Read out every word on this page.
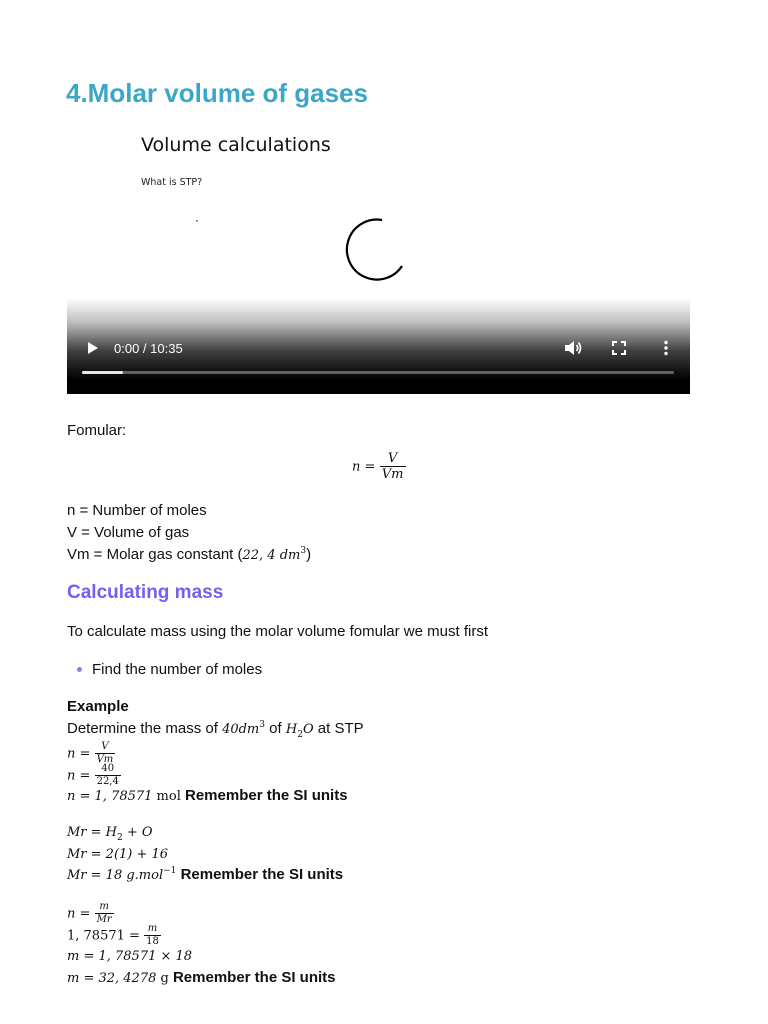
4.Molar volume of gases
Volume calculations
What is STP?
0:00 / 10:35
Fomular:
$n = \frac{V}{Vm}$
n = Number of moles
V = Volume of gas
Vm = Molar gas constant (22, 4 $dm^3$)
Calculating mass
To calculate mass using the molar volume fomular we must first
Find the number of moles
Example
Determine the mass of $40dm^3$ of $H_2O$ at STP
$n = \frac{V}{Vm}$
$n = \frac{40}{22,4}$
n = 1, 78571 mol Remember the SI units
$Mr = H_2 + O$
Mr = 2(1) + 16
Mr = 18 g.mol$^{-1}$ Remember the SI units
$n = \frac{m}{Mr}$
1, $78571 = \frac{m}{18}$
m = 1, 78571 × 18
m = 32, 4278 g Remember the SI units
